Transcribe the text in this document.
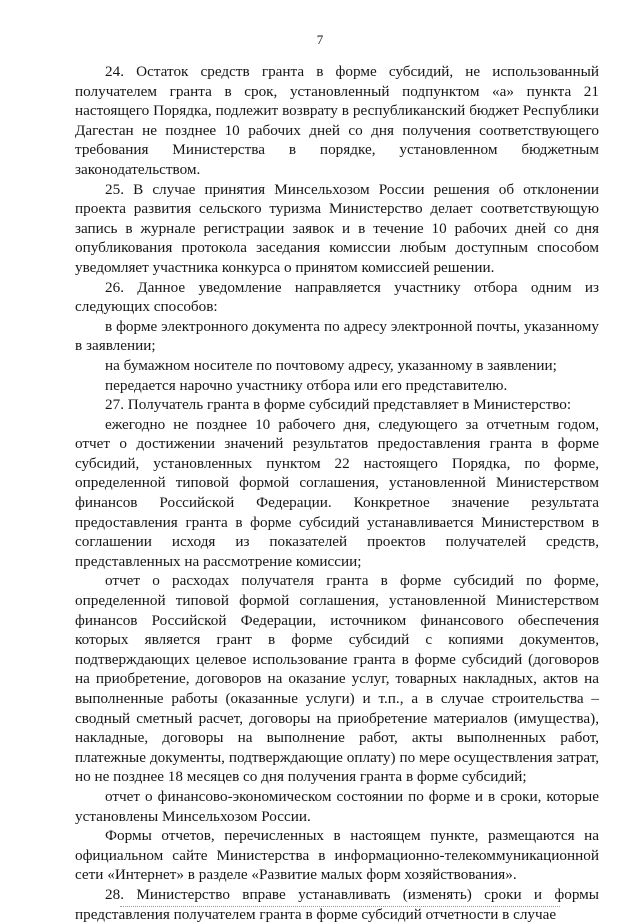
7

24. Остаток средств гранта в форме субсидий, не использованный получателем гранта в срок, установленный подпунктом «а» пункта 21 настоящего Порядка, подлежит возврату в республиканский бюджет Республики Дагестан не позднее 10 рабочих дней со дня получения соответствующего требования Министерства в порядке, установленном бюджетным законодательством.

25. В случае принятия Минсельхозом России решения об отклонении проекта развития сельского туризма Министерство делает соответствующую запись в журнале регистрации заявок и в течение 10 рабочих дней со дня опубликования протокола заседания комиссии любым доступным способом уведомляет участника конкурса о принятом комиссией решении.

26. Данное уведомление направляется участнику отбора одним из следующих способов:

в форме электронного документа по адресу электронной почты, указанному в заявлении;

на бумажном носителе по почтовому адресу, указанному в заявлении;

передается нарочно участнику отбора или его представителю.

27. Получатель гранта в форме субсидий представляет в Министерство:

ежегодно не позднее 10 рабочего дня, следующего за отчетным годом, отчет о достижении значений результатов предоставления гранта в форме субсидий, установленных пунктом 22 настоящего Порядка, по форме, определенной типовой формой соглашения, установленной Министерством финансов Российской Федерации. Конкретное значение результата предоставления гранта в форме субсидий устанавливается Министерством в соглашении исходя из показателей проектов получателей средств, представленных на рассмотрение комиссии;

отчет о расходах получателя гранта в форме субсидий по форме, определенной типовой формой соглашения, установленной Министерством финансов Российской Федерации, источником финансового обеспечения которых является грант в форме субсидий с копиями документов, подтверждающих целевое использование гранта в форме субсидий (договоров на приобретение, договоров на оказание услуг, товарных накладных, актов на выполненные работы (оказанные услуги) и т.п., а в случае строительства – сводный сметный расчет, договоры на приобретение материалов (имущества), накладные, договоры на выполнение работ, акты выполненных работ, платежные документы, подтверждающие оплату) по мере осуществления затрат, но не позднее 18 месяцев со дня получения гранта в форме субсидий;

отчет о финансово-экономическом состоянии по форме и в сроки, которые установлены Минсельхозом России.

Формы отчетов, перечисленных в настоящем пункте, размещаются на официальном сайте Министерства в информационно-телекоммуникационной сети «Интернет» в разделе «Развитие малых форм хозяйствования».

28. Министерство вправе устанавливать (изменять) сроки и формы представления получателем гранта в форме субсидий отчетности в случае
